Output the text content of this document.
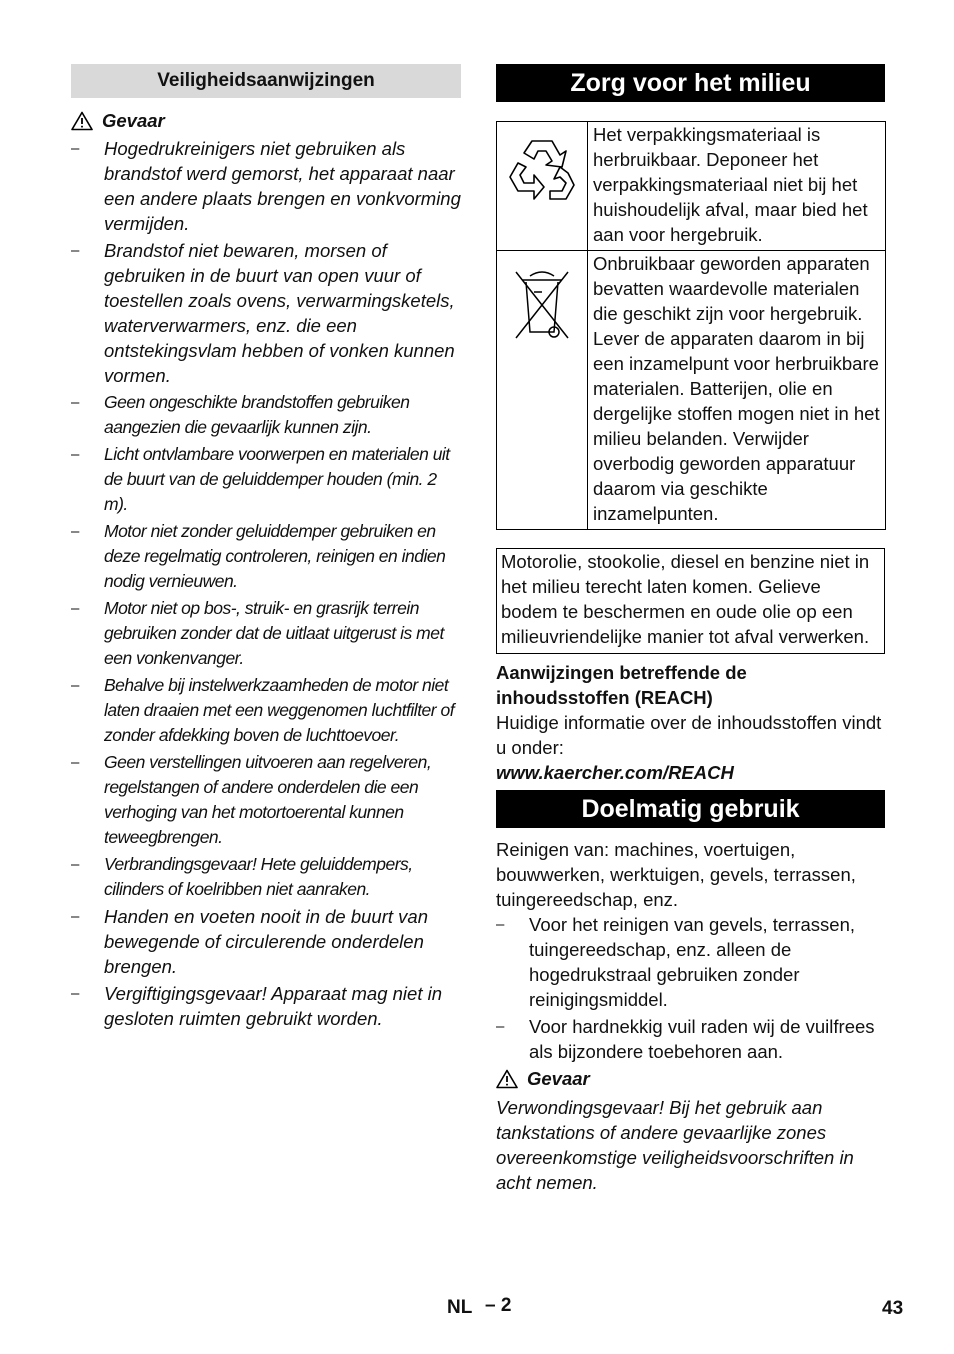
Veiligheidsaanwijzingen
Gevaar
– Hogedrukreinigers niet gebruiken als brandstof werd gemorst, het apparaat naar een andere plaats brengen en vonkvorming vermijden.
– Brandstof niet bewaren, morsen of gebruiken in de buurt van open vuur of toestellen zoals ovens, verwarmingsketels, waterverwarmers, enz. die een ontstekingsvlam hebben of vonken kunnen vormen.
– Geen ongeschikte brandstoffen gebruiken aangezien die gevaarlijk kunnen zijn.
– Licht ontvlambare voorwerpen en materialen uit de buurt van de geluiddemper houden (min. 2 m).
– Motor niet zonder geluiddemper gebruiken en deze regelmatig controleren, reinigen en indien nodig vernieuwen.
– Motor niet op bos-, struik- en grasrijk terrein gebruiken zonder dat de uitlaat uitgerust is met een vonkenvanger.
– Behalve bij instelwerkzaamheden de motor niet laten draaien met een weggenomen luchtfilter of zonder afdekking boven de luchttoevoer.
– Geen verstellingen uitvoeren aan regelveren, regelstangen of andere onderdelen die een verhoging van het motortoerental kunnen teweegbrengen.
– Verbrandingsgevaar! Hete geluiddempers, cilinders of koelribben niet aanraken.
– Handen en voeten nooit in de buurt van bewegende of circulerende onderdelen brengen.
– Vergiftigingsgevaar! Apparaat mag niet in gesloten ruimten gebruikt worden.
Zorg voor het milieu
	Het verpakkingsmateriaal is herbruikbaar. Deponeer het verpakkingsmateriaal niet bij het huishoudelijk afval, maar bied het aan voor hergebruik.
	Onbruikbaar geworden apparaten bevatten waardevolle materialen die geschikt zijn voor hergebruik. Lever de apparaten daarom in bij een inzamelpunt voor herbruikbare materialen. Batterijen, olie en dergelijke stoffen mogen niet in het milieu belanden. Verwijder overbodig geworden apparatuur daarom via geschikte inzamelpunten.
Motorolie, stookolie, diesel en benzine niet in het milieu terecht laten komen. Gelieve bodem te beschermen en oude olie op een milieuvriendelijke manier tot afval verwerken.
Aanwijzingen betreffende de inhoudsstoffen (REACH)
Huidige informatie over de inhoudsstoffen vindt u onder:
www.kaercher.com/REACH
Doelmatig gebruik
Reinigen van: machines, voertuigen, bouwwerken, werktuigen, gevels, terrassen, tuingereedschap, enz.
– Voor het reinigen van gevels, terrassen, tuingereedschap, enz. alleen de hogedrukstraal gebruiken zonder reinigingsmiddel.
– Voor hardnekkig vuil raden wij de vuilfrees als bijzondere toebehoren aan.
Gevaar
Verwondingsgevaar! Bij het gebruik aan tankstations of andere gevaarlijke zones overeenkomstige veiligheidsvoorschriften in acht nemen.
NL – 2	43
